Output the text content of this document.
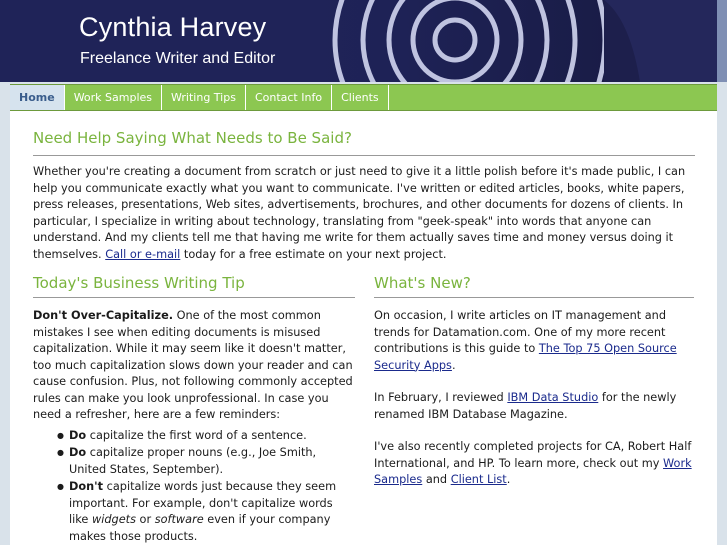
Cynthia Harvey
Freelance Writer and Editor
Home	Work Samples	Writing Tips	Contact Info	Clients
Need Help Saying What Needs to Be Said?

Whether you're creating a document from scratch or just need to give it a little polish before it's made public, I can help you communicate exactly what you want to communicate. I've written or edited articles, books, white papers, press releases, presentations, Web sites, advertisements, brochures, and other documents for dozens of clients. In particular, I specialize in writing about technology, translating from "geek-speak" into words that anyone can understand. And my clients tell me that having me write for them actually saves time and money versus doing it themselves. Call or e-mail today for a free estimate on your next project.

Today's Business Writing Tip

Don't Over-Capitalize. One of the most common mistakes I see when editing documents is misused capitalization. While it may seem like it doesn't matter, too much capitalization slows down your reader and can cause confusion. Plus, not following commonly accepted rules can make you look unprofessional. In case you need a refresher, here are a few reminders:

● Do capitalize the first word of a sentence.
● Do capitalize proper nouns (e.g., Joe Smith, United States, September).
● Don't capitalize words just because they seem important. For example, don't capitalize words like widgets or software even if your company makes those products.
What's New?

On occasion, I write articles on IT management and trends for Datamation.com. One of my more recent contributions is this guide to The Top 75 Open Source Security Apps.

In February, I reviewed IBM Data Studio for the newly renamed IBM Database Magazine.

I've also recently completed projects for CA, Robert Half International, and HP. To learn more, check out my Work Samples and Client List.
